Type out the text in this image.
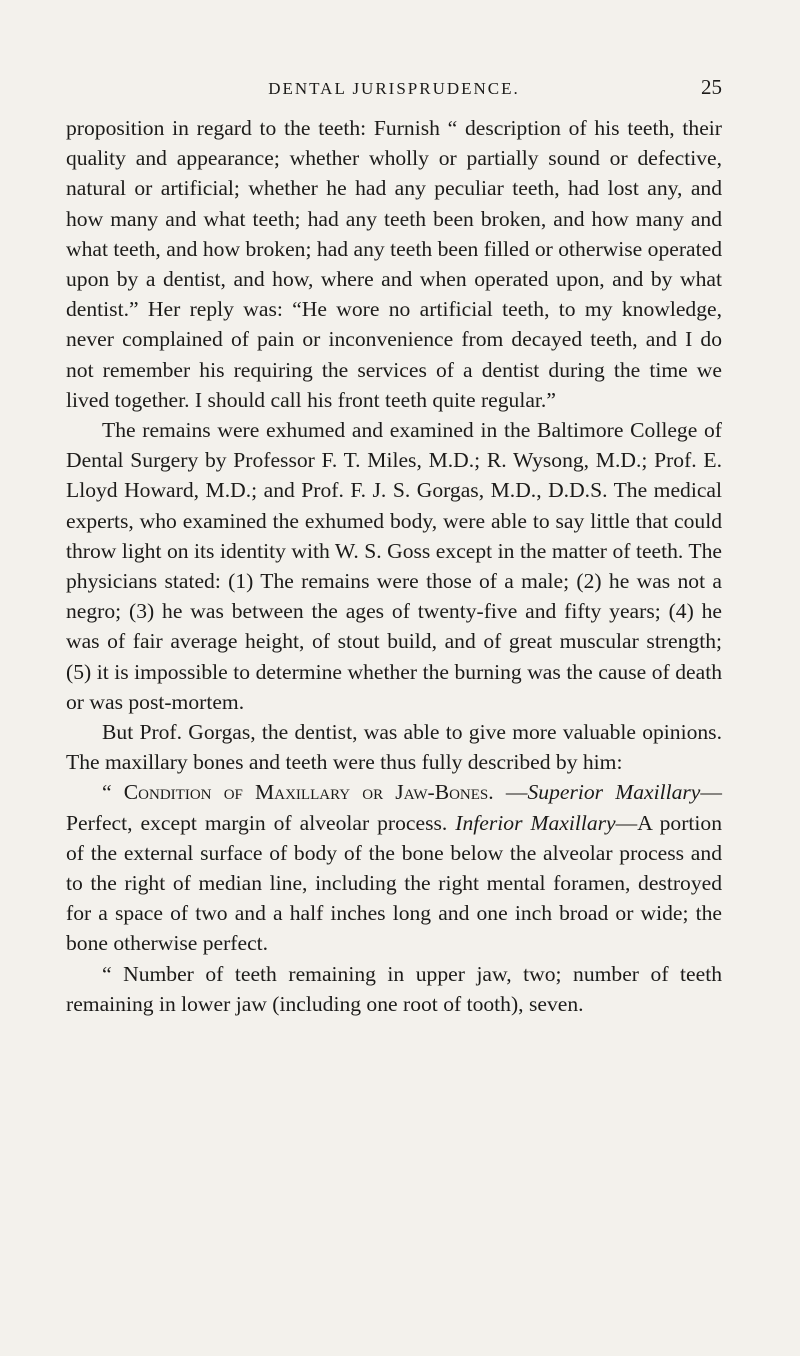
DENTAL JURISPRUDENCE.	25

proposition in regard to the teeth: Furnish “ description of his teeth, their quality and appearance; whether wholly or partially sound or defective, natural or artificial; whether he had any peculiar teeth, had lost any, and how many and what teeth; had any teeth been broken, and how many and what teeth, and how broken; had any teeth been filled or otherwise operated upon by a dentist, and how, where and when operated upon, and by what dentist.” Her reply was: “He wore no artificial teeth, to my knowledge, never complained of pain or inconvenience from decayed teeth, and I do not remember his requiring the services of a dentist during the time we lived together. I should call his front teeth quite regular.”

The remains were exhumed and examined in the Baltimore College of Dental Surgery by Professor F. T. Miles, M.D.; R. Wysong, M.D.; Prof. E. Lloyd Howard, M.D.; and Prof. F. J. S. Gorgas, M.D., D.D.S. The medical experts, who examined the exhumed body, were able to say little that could throw light on its identity with W. S. Goss except in the matter of teeth. The physicians stated: (1) The remains were those of a male; (2) he was not a negro; (3) he was between the ages of twenty-five and fifty years; (4) he was of fair average height, of stout build, and of great muscular strength; (5) it is impossible to determine whether the burning was the cause of death or was post-mortem.

But Prof. Gorgas, the dentist, was able to give more valuable opinions. The maxillary bones and teeth were thus fully described by him:

“ Condition of Maxillary or Jaw-Bones. —Superior Maxillary—Perfect, except margin of alveolar process. Inferior Maxillary—A portion of the external surface of body of the bone below the alveolar process and to the right of median line, including the right mental foramen, destroyed for a space of two and a half inches long and one inch broad or wide; the bone otherwise perfect.

“ Number of teeth remaining in upper jaw, two; number of teeth remaining in lower jaw (including one root of tooth), seven.
